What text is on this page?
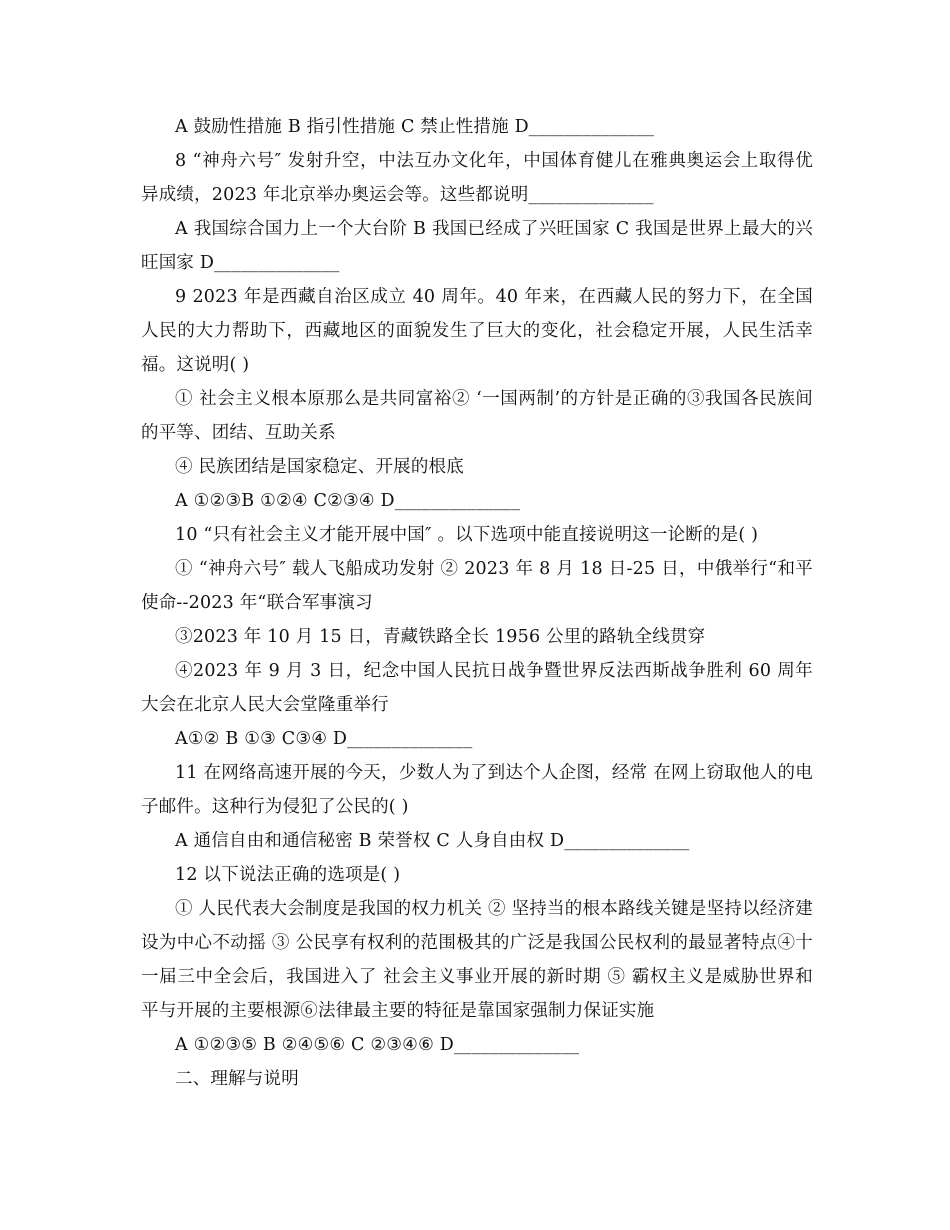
A 鼓励性措施 B 指引性措施 C 禁止性措施 D______________

8 “神舟六号″ 发射升空，中法互办文化年，中国体育健儿在雅典奥运会上取得优异成绩，2023 年北京举办奥运会等。这些都说明______________

A 我国综合国力上一个大台阶 B 我国已经成了兴旺国家 C 我国是世界上最大的兴旺国家 D______________

9 2023 年是西藏自治区成立 40 周年。40 年来，在西藏人民的努力下，在全国人民的大力帮助下，西藏地区的面貌发生了巨大的变化，社会稳定开展，人民生活幸福。这说明( )

① 社会主义根本原那么是共同富裕② ‘一国两制’的方针是正确的③我国各民族间的平等、团结、互助关系

④ 民族团结是国家稳定、开展的根底

A ①②③B ①②④ C②③④ D______________

10 “只有社会主义才能开展中国″ 。以下选项中能直接说明这一论断的是( )

① “神舟六号″ 载人飞船成功发射 ② 2023 年 8 月 18 日-25 日，中俄举行“和平使命--2023 年“联合军事演习

③2023 年 10 月 15 日，青藏铁路全长 1956 公里的路轨全线贯穿

④2023 年 9 月 3 日，纪念中国人民抗日战争暨世界反法西斯战争胜利 60 周年大会在北京人民大会堂隆重举行

A①② B ①③ C③④ D______________

11 在网络高速开展的今天，少数人为了到达个人企图，经常 在网上窃取他人的电子邮件。这种行为侵犯了公民的( )

A 通信自由和通信秘密 B 荣誉权 C 人身自由权 D______________

12 以下说法正确的选项是( )

① 人民代表大会制度是我国的权力机关 ② 坚持当的根本路线关键是坚持以经济建设为中心不动摇 ③ 公民享有权利的范围极其的广泛是我国公民权利的最显著特点④十一届三中全会后，我国进入了 社会主义事业开展的新时期 ⑤ 霸权主义是威胁世界和平与开展的主要根源⑥法律最主要的特征是靠国家强制力保证实施

A ①②③⑤ B ②④⑤⑥ C ②③④⑥ D______________

二、理解与说明
